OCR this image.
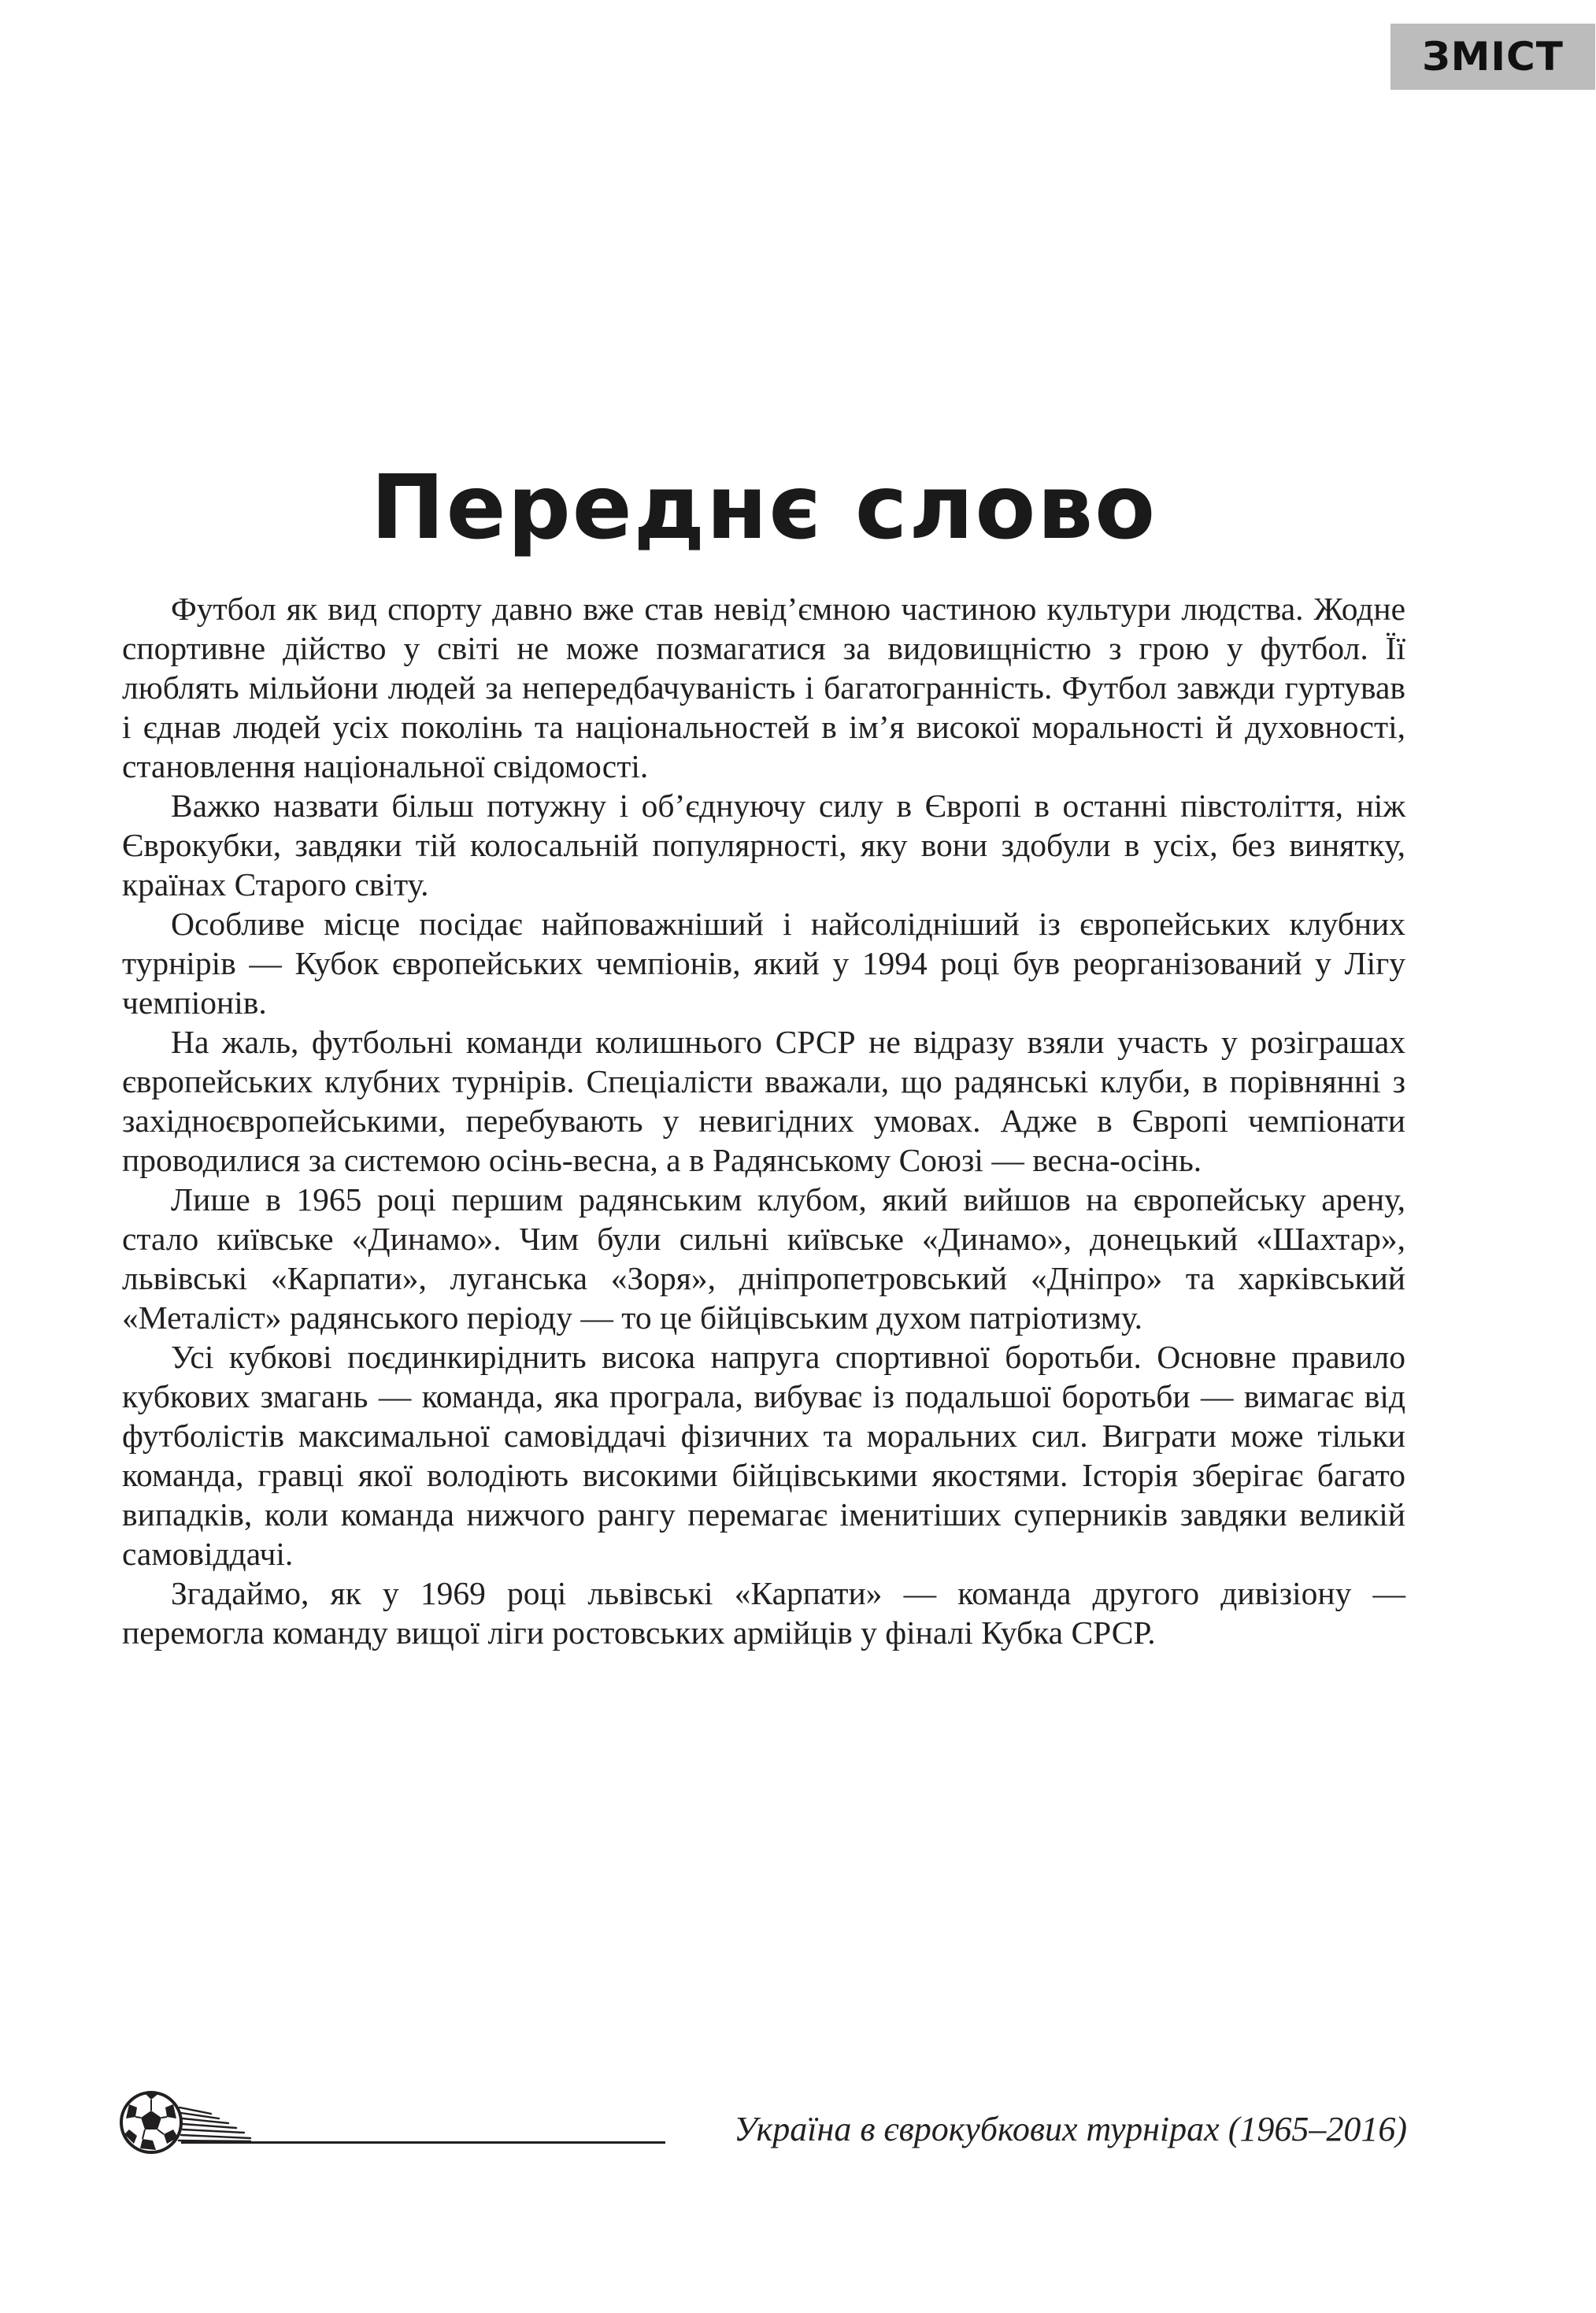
ЗМІСТ
Переднє слово

Футбол як вид спорту давно вже став невід’ємною частиною культури людства. Жодне спортивне дійство у світі не може позмагатися за видовищністю з грою у футбол. Її люблять мільйони людей за непередбачуваність і багатогранність. Футбол завжди гуртував і єднав людей усіх поколінь та національностей в ім’я високої моральності й духовності, становлення національної свідомості.

Важко назвати більш потужну і об’єднуючу силу в Європі в останні півстоліття, ніж Єврокубки, завдяки тій колосальній популярності, яку вони здобули в усіх, без винятку, країнах Старого світу.

Особливе місце посідає найповажніший і найсолідніший із європейських клубних турнірів — Кубок європейських чемпіонів, який у 1994 році був реорганізований у Лігу чемпіонів.

На жаль, футбольні команди колишнього СРСР не відразу взяли участь у розіграшах європейських клубних турнірів. Спеціалісти вважали, що радянські клуби, в порівнянні з західноєвропейськими, перебувають у невигідних умовах. Адже в Європі чемпіонати проводилися за системою осінь-весна, а в Радянському Союзі — весна-осінь.

Лише в 1965 році першим радянським клубом, який вийшов на європейську арену, стало київське «Динамо». Чим були сильні київське «Динамо», донецький «Шахтар», львівські «Карпати», луганська «Зоря», дніпропетровський «Дніпро» та харківський «Металіст» радянського періоду — то це бійцівським духом патріотизму.

Усі кубкові поєдинкиріднить висока напруга спортивної боротьби. Основне правило кубкових змагань — команда, яка програла, вибуває із подальшої боротьби — вимагає від футболістів максимальної самовіддачі фізичних та моральних сил. Виграти може тільки команда, гравці якої володіють високими бійцівськими якостями. Історія зберігає багато випадків, коли команда нижчого рангу перемагає іменитіших суперників завдяки великій самовіддачі.

Згадаймо, як у 1969 році львівські «Карпати» — команда другого дивізіону — перемогла команду вищої ліги ростовських армійців у фіналі Кубка СРСР.

Україна в єврокубкових турнірах (1965–2016)
